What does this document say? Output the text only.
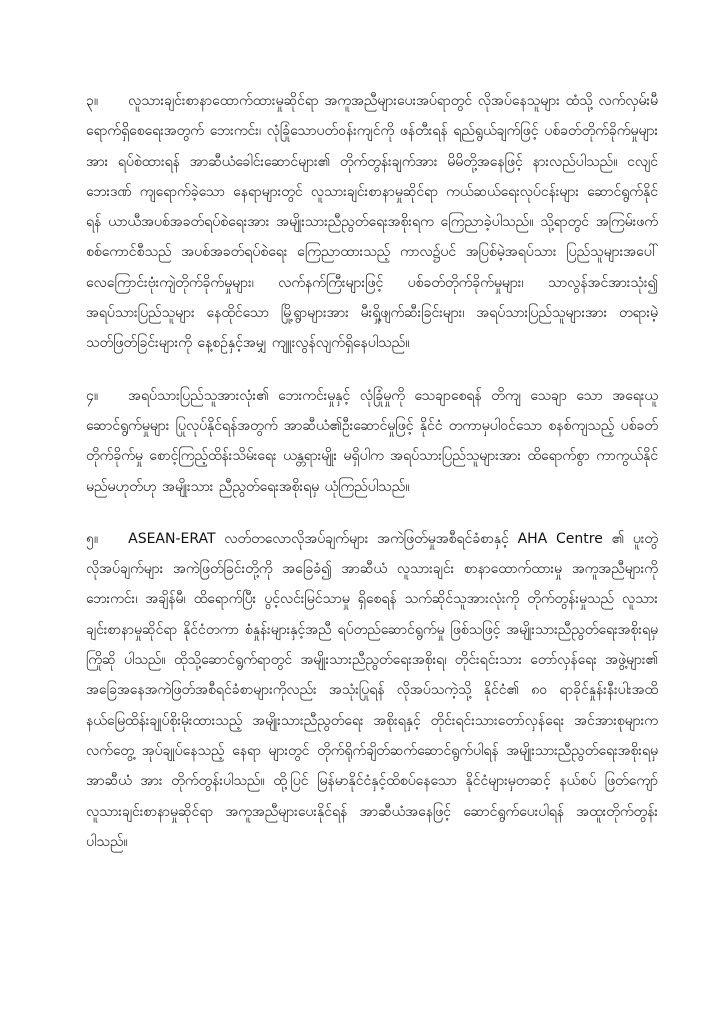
၃။ လူသားချင်းစာနာထောက်ထားမှုဆိုင်ရာ အကူအညီများပေးအပ်ရာတွင် လိုအပ်နေသူများ ထံသို့ လက်လှမ်းမီရောက်ရှိစေရေးအတွက် ဘေးကင်း၊ လုံခြုံသောပတ်ဝန်းကျင်ကို ဖန်တီးရန် ရည်ရွယ်ချက်ဖြင့် ပစ်ခတ်တိုက်ခိုက်မှုများအား ရပ်စဲထားရန် အာဆီယံခေါင်းဆောင်များ၏ တိုက်တွန်းချက်အား မိမိတို့အနေဖြင့် နားလည်ပါသည်။ ငလျင်ဘေးဒဏ် ကျရောက်ခဲ့သော နေရာများတွင် လူသားချင်းစာနာမှုဆိုင်ရာ ကယ်ဆယ်ရေးလုပ်ငန်းများ ဆောင်ရွက်နိုင်ရန် ယာယီအပစ်အခတ်ရပ်စဲရေးအား အမျိုးသားညီညွတ်ရေးအစိုးရက ကြေညာခဲ့ပါသည်။ သို့ရာတွင် အကြမ်းဖက်စစ်ကောင်စီသည် အပစ်အခတ်ရပ်စဲရေး ကြေညာထားသည့် ကာလ၌ပင် အပြစ်မဲ့အရပ်သား ပြည်သူများအပေါ် လေကြောင်းဗုံးကျဲတိုက်ခိုက်မှုများ၊ လက်နက်ကြီးများဖြင့် ပစ်ခတ်တိုက်ခိုက်မှုများ၊ သာလွန်အင်အားသုံး၍ အရပ်သားပြည်သူများ နေထိုင်သော မြို့ရွာများအား မီးရှို့ဖျက်ဆီးခြင်းများ၊ အရပ်သားပြည်သူများအား တရားမဲ့ သတ်ဖြတ်ခြင်းများကို နေ့စဉ်နှင့်အမျှ ကျူးလွန်လျက်ရှိနေပါသည်။

၄။ အရပ်သားပြည်သူအားလုံး၏ ဘေးကင်းမှုနှင့် လုံခြုံမှုကို သေချာစေရန် တိကျ သေချာ သော အရေးယူဆောင်ရွက်မှုများ ပြုလုပ်နိုင်ရန်အတွက် အာဆီယံ၏ဦးဆောင်မှုဖြင့် နိုင်ငံ တကာမှပါဝင်သော စနစ်ကျသည့် ပစ်ခတ်တိုက်ခိုက်မှု စောင့်ကြည့်ထိန်းသိမ်းရေး ယန္တရားမျိုး မရှိပါက အရပ်သားပြည်သူများအား ထိရောက်စွာ ကာကွယ်နိုင်မည်မဟုတ်ဟု အမျိုးသား ညီညွတ်ရေးအစိုးရမှ ယုံကြည်ပါသည်။

၅။ ASEAN-ERAT လတ်တလောလိုအပ်ချက်များ အကဲဖြတ်မှုအစီရင်ခံစာနှင့် AHA Centre ၏ ပူးတွဲလိုအပ်ချက်များ အကဲဖြတ်ခြင်းတို့ကို အခြေခံ၍ အာဆီယံ လူသားချင်း စာနာထောက်ထားမှု အကူအညီများကို ဘေးကင်း၊ အချိန်မီ၊ ထိရောက်ပြီး ပွင့်လင်းမြင်သာမှု ရှိစေရန် သက်ဆိုင်သူအားလုံးကို တိုက်တွန်းမှုသည် လူသားချင်းစာနာမှုဆိုင်ရာ နိုင်ငံတကာ စံနှုန်းများနှင့်အညီ ရပ်တည်ဆောင်ရွက်မှု ဖြစ်သဖြင့် အမျိုးသားညီညွတ်ရေးအစိုးရမှ ကြိုဆို ပါသည်။ ထိုသို့ဆောင်ရွက်ရာတွင် အမျိုးသားညီညွတ်ရေးအစိုးရ၊ တိုင်းရင်းသား တော်လှန်ရေး အဖွဲ့များ၏ အခြေအနေအကဲဖြတ်အစီရင်ခံစာများကိုလည်း အသုံးပြုရန် လိုအပ်သကဲ့သို့ နိုင်ငံ၏ ၈၀ ရာခိုင်နှုန်းနီးပါးအထိ နယ်မြေထိန်းချုပ်စိုးမိုးထားသည့် အမျိုးသားညီညွတ်ရေး အစိုးရနှင့် တိုင်းရင်းသားတော်လှန်ရေး အင်အားစုများက လက်တွေ့ အုပ်ချုပ်နေသည့် နေရာ များတွင် တိုက်ရိုက်ချိတ်ဆက်ဆောင်ရွက်ပါရန် အမျိုးသားညီညွတ်ရေးအစိုးရမှ အာဆီယံ အား တိုက်တွန်းပါသည်။ ထို့ပြင် မြန်မာနိုင်ငံနှင့်ထိစပ်နေသော နိုင်ငံများမှတဆင့် နယ်စပ် ဖြတ်ကျော် လူသားချင်းစာနာမှုဆိုင်ရာ အကူအညီများပေးနိုင်ရန် အာဆီယံအနေဖြင့် ဆောင်ရွက်ပေးပါရန် အထူးတိုက်တွန်းပါသည်။
